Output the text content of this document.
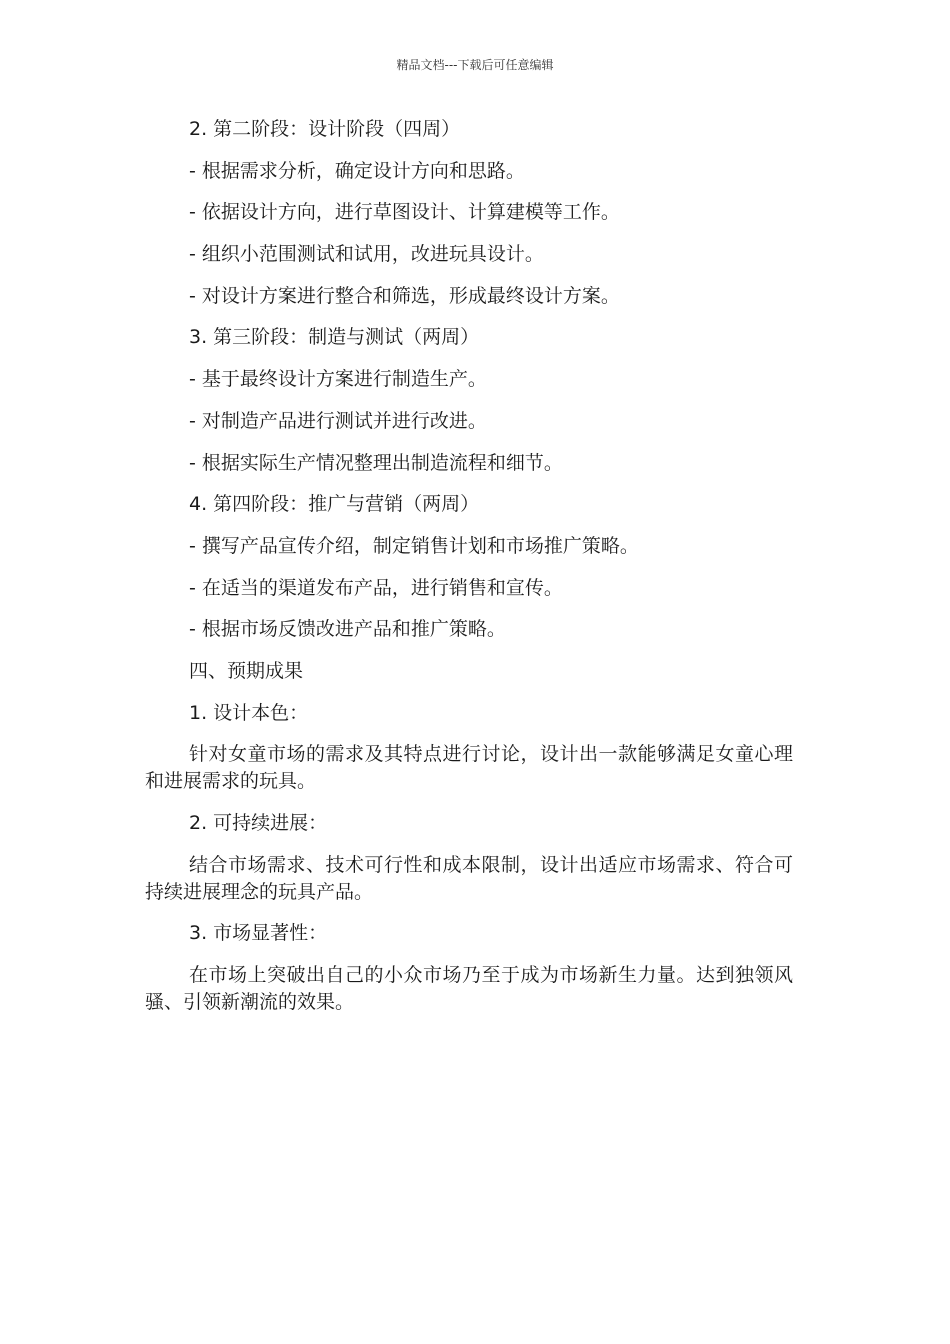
精品文档---下载后可任意编辑
2. 第二阶段：设计阶段（四周）
- 根据需求分析，确定设计方向和思路。
- 依据设计方向，进行草图设计、计算建模等工作。
- 组织小范围测试和试用，改进玩具设计。
- 对设计方案进行整合和筛选，形成最终设计方案。
3. 第三阶段：制造与测试（两周）
- 基于最终设计方案进行制造生产。
- 对制造产品进行测试并进行改进。
- 根据实际生产情况整理出制造流程和细节。
4. 第四阶段：推广与营销（两周）
- 撰写产品宣传介绍，制定销售计划和市场推广策略。
- 在适当的渠道发布产品，进行销售和宣传。
- 根据市场反馈改进产品和推广策略。
四、预期成果
1. 设计本色：
针对女童市场的需求及其特点进行讨论，设计出一款能够满足女童心理和进展需求的玩具。
2. 可持续进展：
结合市场需求、技术可行性和成本限制，设计出适应市场需求、符合可持续进展理念的玩具产品。
3. 市场显著性：
在市场上突破出自己的小众市场乃至于成为市场新生力量。达到独领风骚、引领新潮流的效果。
